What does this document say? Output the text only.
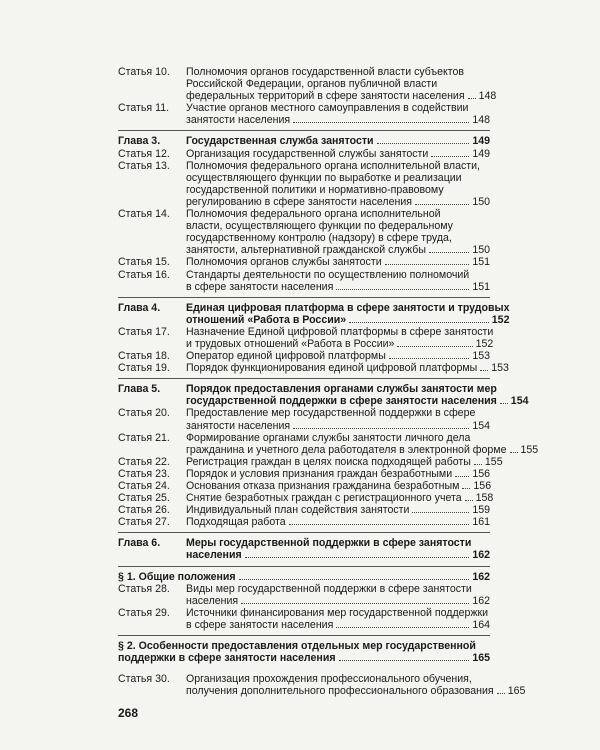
Статья 10.	Полномочия органов государственной власти субъектов
Российской Федерации, органов публичной власти
федеральных территорий в сфере занятости населения 148
Статья 11.	Участие органов местного самоуправления в содействии
занятости населения	148
Глава 3.	Государственная служба занятости	149
Статья 12.	Организация государственной службы занятости	149
Статья 13.	Полномочия федерального органа исполнительной власти,
осуществляющего функции по выработке и реализации
государственной политики и нормативно-правовому
регулированию в сфере занятости населения	150
Статья 14.	Полномочия федерального органа исполнительной
власти, осуществляющего функции по федеральному
государственному контролю (надзору) в сфере труда,
занятости, альтернативной гражданской службы	150
Статья 15.	Полномочия органов службы занятости	151
Статья 16.	Стандарты деятельности по осуществлению полномочий
в сфере занятости населения	151
Глава 4.	Единая цифровая платформа в сфере занятости и трудовых
отношений «Работа в России»	152
Статья 17.	Назначение Единой цифровой платформы в сфере занятости
и трудовых отношений «Работа в России»	152
Статья 18.	Оператор единой цифровой платформы	153
Статья 19.	Порядок функционирования единой цифровой платформы 153
Глава 5.	Порядок предоставления органами службы занятости мер
государственной поддержки в сфере занятости населения 154
Статья 20.	Предоставление мер государственной поддержки в сфере
занятости населения	154
Статья 21.	Формирование органами службы занятости личного дела
гражданина и учетного дела работодателя в электронной форме 155
Статья 22.	Регистрация граждан в целях поиска подходящей работы 155
Статья 23.	Порядок и условия признания граждан безработными 156
Статья 24.	Основания отказа признания гражданина безработным 156
Статья 25.	Снятие безработных граждан с регистрационного учета 158
Статья 26.	Индивидуальный план содействия занятости	159
Статья 27.	Подходящая работа	161
Глава 6.	Меры государственной поддержки в сфере занятости
населения	162
§ 1. Общие положения	162
Статья 28.	Виды мер государственной поддержки в сфере занятости
населения	162
Статья 29.	Источники финансирования мер государственной поддержки
в сфере занятости населения	164
§ 2. Особенности предоставления отдельных мер государственной
поддержки в сфере занятости населения	165
Статья 30.	Организация прохождения профессионального обучения,
получения дополнительного профессионального образования 165
268
